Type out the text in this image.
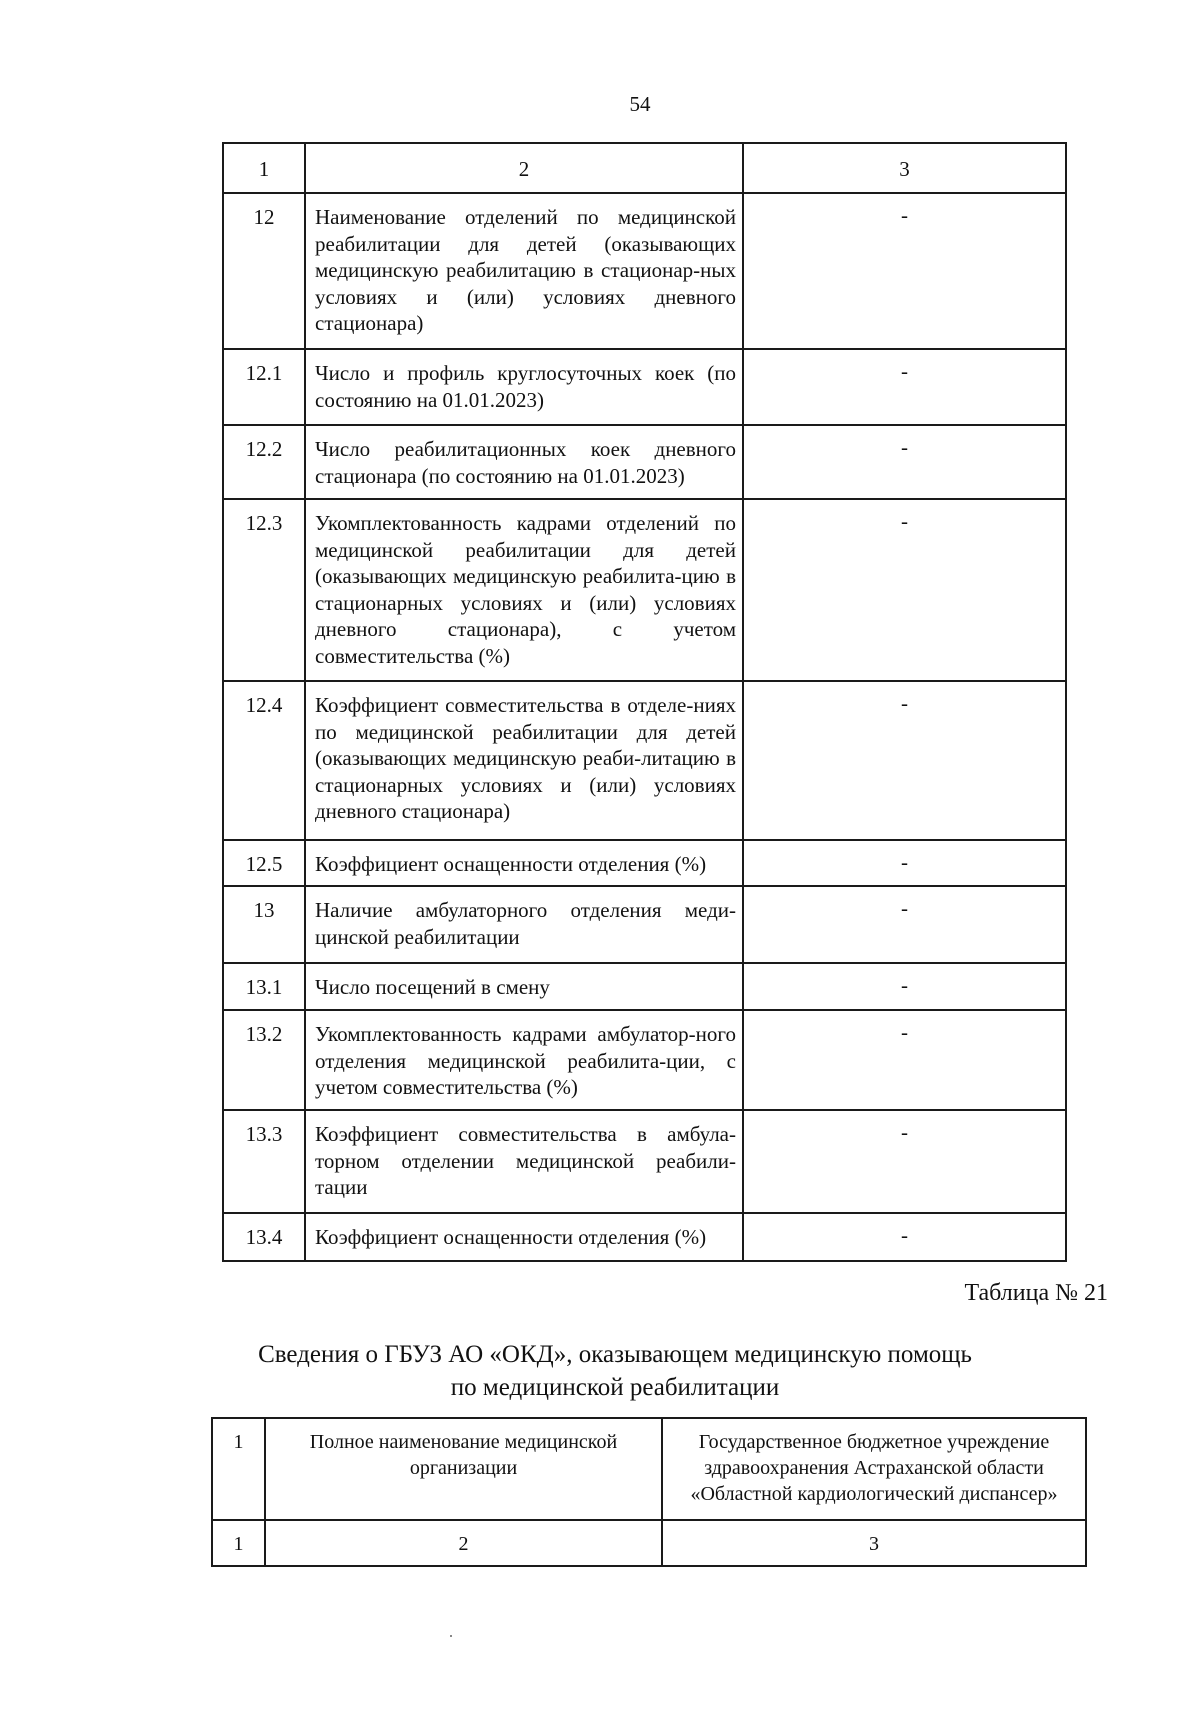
54
1	2	3
12	Наименование отделений по медицинской реабилитации для детей (оказывающих медицинскую реабилитацию в стационар-ных условиях и (или) условиях дневного стационара)	-
12.1	Число и профиль круглосуточных коек (по состоянию на 01.01.2023)	-
12.2	Число реабилитационных коек дневного стационара (по состоянию на 01.01.2023)	-
12.3	Укомплектованность кадрами отделений по медицинской реабилитации для детей (оказывающих медицинскую реабилита-цию в стационарных условиях и (или) условиях дневного стационара), с учетом совместительства (%)	-
12.4	Коэффициент совместительства в отделе-ниях по медицинской реабилитации для детей (оказывающих медицинскую реаби-литацию в стационарных условиях и (или) условиях дневного стационара)	-
12.5	Коэффициент оснащенности отделения (%)	-
13	Наличие амбулаторного отделения меди-цинской реабилитации	-
13.1	Число посещений в смену	-
13.2	Укомплектованность кадрами амбулатор-ного отделения медицинской реабилита-ции, с учетом совместительства (%)	-
13.3	Коэффициент совместительства в амбула-торном отделении медицинской реабили-тации	-
13.4	Коэффициент оснащенности отделения (%)	-
Таблица № 21
Сведения о ГБУЗ АО «ОКД», оказывающем медицинскую помощь
по медицинской реабилитации
1	Полное наименование медицинской организации	Государственное бюджетное учреждение здравоохранения Астраханской области «Областной кардиологический диспансер»
1	2	3
